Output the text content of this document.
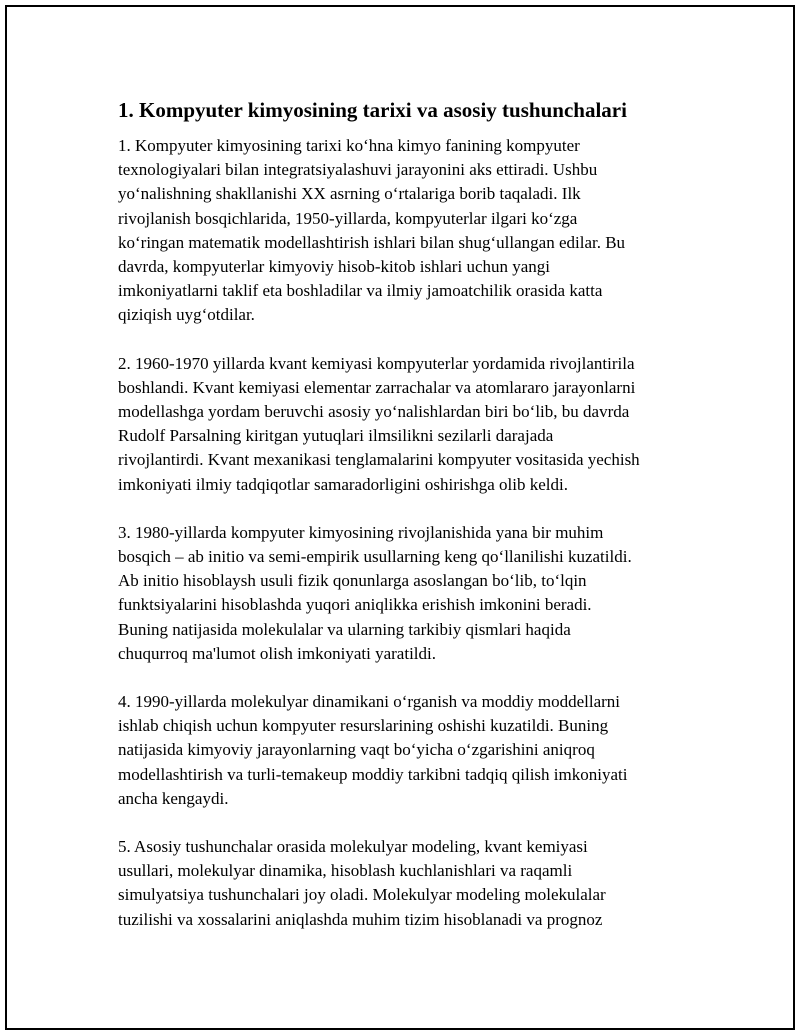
1. Kompyuter kimyosining tarixi va asosiy tushunchalari

1. Kompyuter kimyosining tarixi koʻhna kimyo fanining kompyuter
texnologiyalari bilan integratsiyalashuvi jarayonini aks ettiradi. Ushbu
yoʻnalishning shakllanishi XX asrning oʻrtalariga borib taqaladi. Ilk
rivojlanish bosqichlarida, 1950-yillarda, kompyuterlar ilgari koʻzga
koʻringan matematik modellashtirish ishlari bilan shugʻullangan edilar. Bu
davrda, kompyuterlar kimyoviy hisob-kitob ishlari uchun yangi
imkoniyatlarni taklif eta boshladilar va ilmiy jamoatchilik orasida katta
qiziqish uygʻotdilar.

2. 1960-1970 yillarda kvant kemiyasi kompyuterlar yordamida rivojlantirila
boshlandi. Kvant kemiyasi elementar zarrachalar va atomlararo jarayonlarni
modellashga yordam beruvchi asosiy yoʻnalishlardan biri boʻlib, bu davrda
Rudolf Parsalning kiritgan yutuqlari ilmsilikni sezilarli darajada
rivojlantirdi. Kvant mexanikasi tenglamalarini kompyuter vositasida yechish
imkoniyati ilmiy tadqiqotlar samaradorligini oshirishga olib keldi.

3. 1980-yillarda kompyuter kimyosining rivojlanishida yana bir muhim
bosqich – ab initio va semi-empirik usullarning keng qoʻllanilishi kuzatildi.
Ab initio hisoblaysh usuli fizik qonunlarga asoslangan boʻlib, toʻlqin
funktsiyalarini hisoblashda yuqori aniqlikka erishish imkonini beradi.
Buning natijasida molekulalar va ularning tarkibiy qismlari haqida
chuqurroq ma'lumot olish imkoniyati yaratildi.

4. 1990-yillarda molekulyar dinamikani oʻrganish va moddiy moddellarni
ishlab chiqish uchun kompyuter resurslarining oshishi kuzatildi. Buning
natijasida kimyoviy jarayonlarning vaqt boʻyicha oʻzgarishini aniqroq
modellashtirish va turli-temakeup moddiy tarkibni tadqiq qilish imkoniyati
ancha kengaydi.

5. Asosiy tushunchalar orasida molekulyar modeling, kvant kemiyasi
usullari, molekulyar dinamika, hisoblash kuchlanishlari va raqamli
simulyatsiya tushunchalari joy oladi. Molekulyar modeling molekulalar
tuzilishi va xossalarini aniqlashda muhim tizim hisoblanadi va prognoz
